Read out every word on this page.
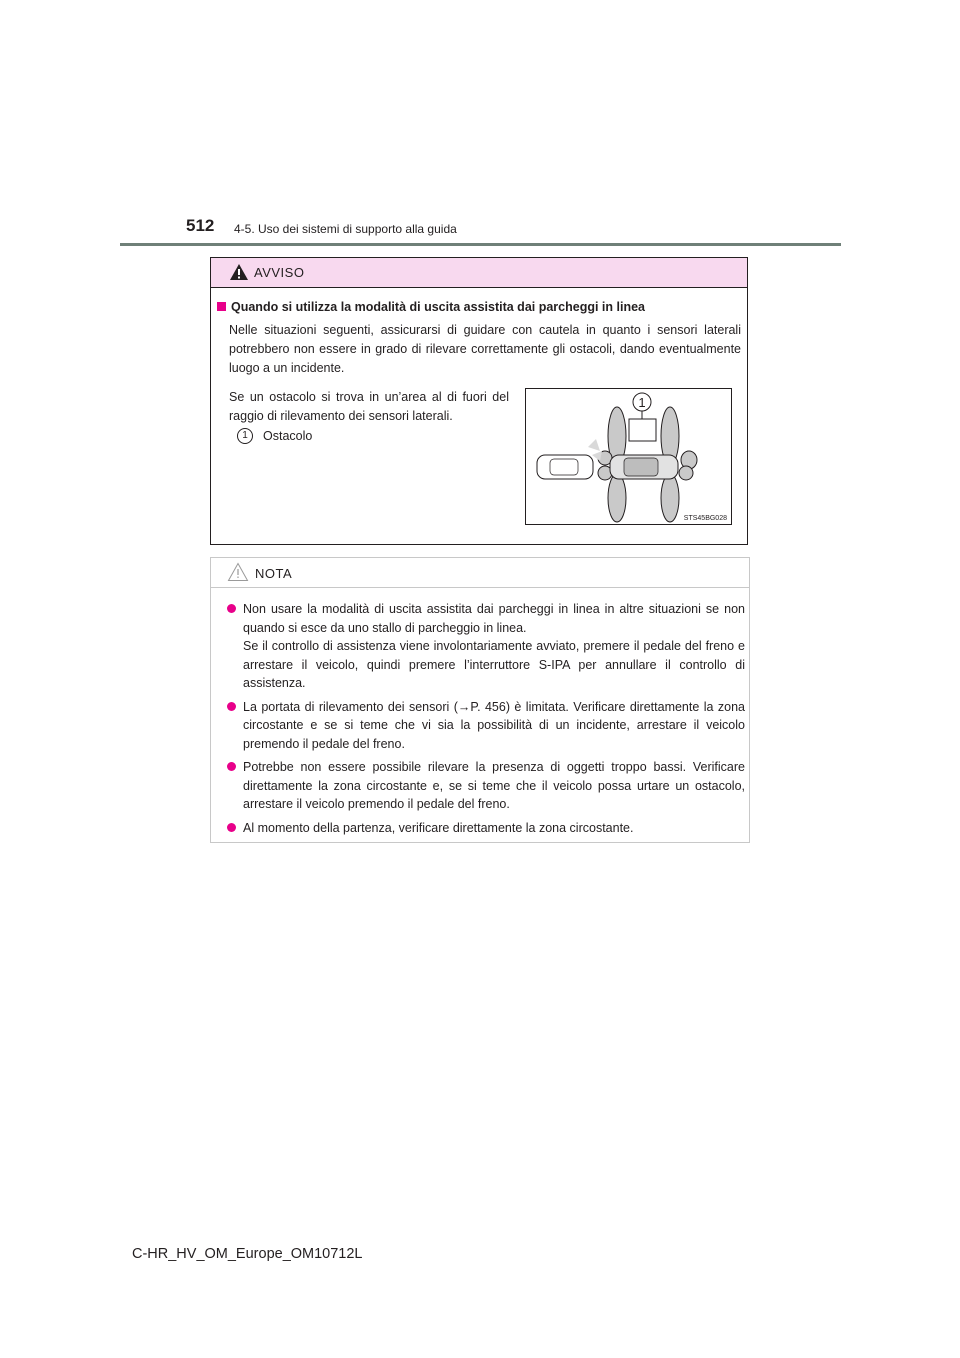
512 4-5. Uso dei sistemi di supporto alla guida
AVVISO
Quando si utilizza la modalità di uscita assistita dai parcheggi in linea
Nelle situazioni seguenti, assicurarsi di guidare con cautela in quanto i sensori laterali potrebbero non essere in grado di rilevare correttamente gli ostacoli, dando eventualmente luogo a un incidente.
Se un ostacolo si trova in un’area al di fuori del raggio di rilevamento dei sensori laterali.
1	Ostacolo
1
STS45BG028
NOTA
Non usare la modalità di uscita assistita dai parcheggi in linea in altre situazioni se non quando si esce da uno stallo di parcheggio in linea.
Se il controllo di assistenza viene involontariamente avviato, premere il pedale del freno e arrestare il veicolo, quindi premere l’interruttore S-IPA per annullare il controllo di assistenza.
La portata di rilevamento dei sensori (→P. 456) è limitata. Verificare direttamente la zona circostante e se si teme che vi sia la possibilità di un incidente, arrestare il veicolo premendo il pedale del freno.
Potrebbe non essere possibile rilevare la presenza di oggetti troppo bassi. Verificare direttamente la zona circostante e, se si teme che il veicolo possa urtare un ostacolo, arrestare il veicolo premendo il pedale del freno.
Al momento della partenza, verificare direttamente la zona circostante.
C-HR_HV_OM_Europe_OM10712L
